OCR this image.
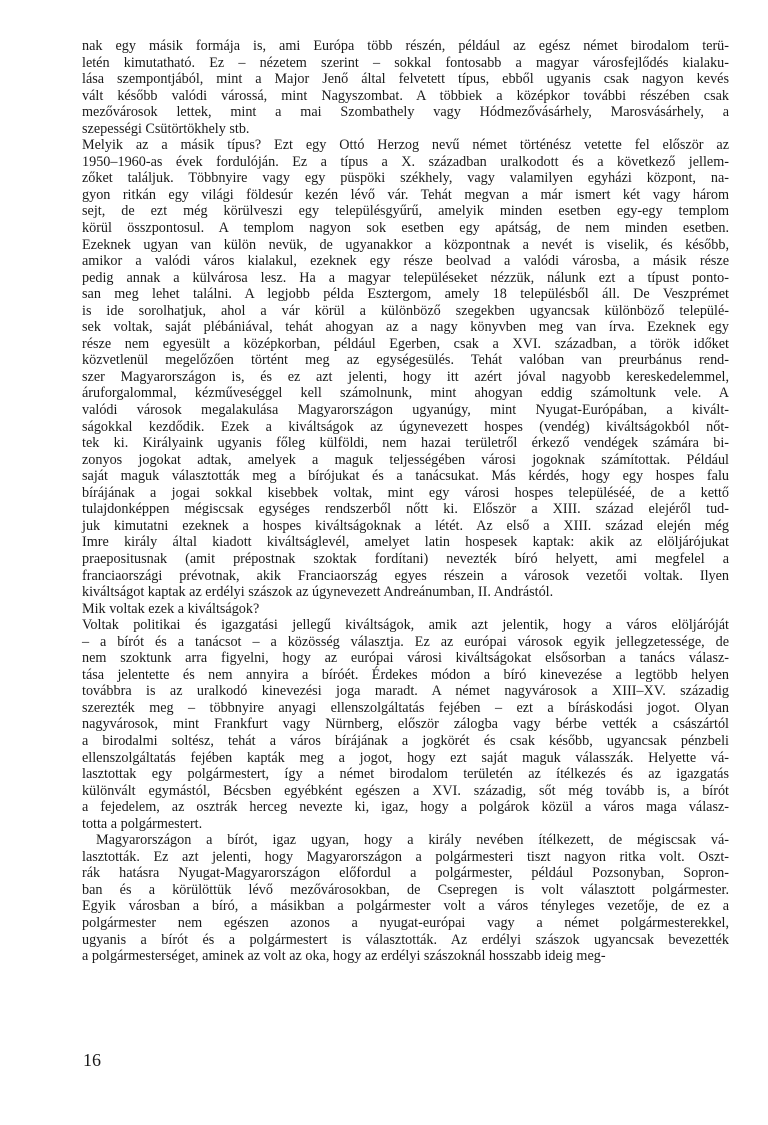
nak egy másik formája is, ami Európa több részén, például az egész német birodalom terü-
letén kimutatható. Ez – nézetem szerint – sokkal fontosabb a magyar városfejlődés kialaku-
lása szempontjából, mint a Major Jenő által felvetett típus, ebből ugyanis csak nagyon kevés
vált később valódi várossá, mint Nagyszombat. A többiek a középkor további részében csak
mezővárosok lettek, mint a mai Szombathely vagy Hódmezővásárhely, Marosvásárhely, a
szepességi Csütörtökhely stb.
Melyik az a másik típus? Ezt egy Ottó Herzog nevű német történész vetette fel először az
1950–1960-as évek fordulóján. Ez a típus a X. században uralkodott és a következő jellem-
zőket találjuk. Többnyire vagy egy püspöki székhely, vagy valamilyen egyházi központ, na-
gyon ritkán egy világi földesúr kezén lévő vár. Tehát megvan a már ismert két vagy három
sejt, de ezt még körülveszi egy településgyűrű, amelyik minden esetben egy-egy templom
körül összpontosul. A templom nagyon sok esetben egy apátság, de nem minden esetben.
Ezeknek ugyan van külön nevük, de ugyanakkor a központnak a nevét is viselik, és később,
amikor a valódi város kialakul, ezeknek egy része beolvad a valódi városba, a másik része
pedig annak a külvárosa lesz. Ha a magyar településeket nézzük, nálunk ezt a típust ponto-
san meg lehet találni. A legjobb példa Esztergom, amely 18 településből áll. De Veszprémet
is ide sorolhatjuk, ahol a vár körül a különböző szegekben ugyancsak különböző települé-
sek voltak, saját plébániával, tehát ahogyan az a nagy könyvben meg van írva. Ezeknek egy
része nem egyesült a középkorban, például Egerben, csak a XVI. században, a török időket
közvetlenül megelőzően történt meg az egységesülés. Tehát valóban van preurbánus rend-
szer Magyarországon is, és ez azt jelenti, hogy itt azért jóval nagyobb kereskedelemmel,
áruforgalommal, kézműveséggel kell számolnunk, mint ahogyan eddig számoltunk vele. A
valódi városok megalakulása Magyarországon ugyanúgy, mint Nyugat-Európában, a kivált-
ságokkal kezdődik. Ezek a kiváltságok az úgynevezett hospes (vendég) kiváltságokból nőt-
tek ki. Királyaink ugyanis főleg külföldi, nem hazai területről érkező vendégek számára bi-
zonyos jogokat adtak, amelyek a maguk teljességében városi jogoknak számítottak. Például
saját maguk választották meg a bírójukat és a tanácsukat. Más kérdés, hogy egy hospes falu
bírájának a jogai sokkal kisebbek voltak, mint egy városi hospes településéé, de a kettő
tulajdonképpen mégiscsak egységes rendszerből nőtt ki. Először a XIII. század elejéről tud-
juk kimutatni ezeknek a hospes kiváltságoknak a létét. Az első a XIII. század elején még
Imre király által kiadott kiváltságlevél, amelyet latin hospesek kaptak: akik az elöljárójukat
praepositusnak (amit prépostnak szoktak fordítani) nevezték bíró helyett, ami megfelel a
franciaországi prévotnak, akik Franciaország egyes részein a városok vezetői voltak. Ilyen
kiváltságot kaptak az erdélyi szászok az úgynevezett Andreánumban, II. Andrástól.
Mik voltak ezek a kiváltságok?
Voltak politikai és igazgatási jellegű kiváltságok, amik azt jelentik, hogy a város elöljáróját
– a bírót és a tanácsot – a közösség választja. Ez az európai városok egyik jellegzetessége, de
nem szoktunk arra figyelni, hogy az európai városi kiváltságokat elsősorban a tanács válasz-
tása jelentette és nem annyira a bíróét. Érdekes módon a bíró kinevezése a legtöbb helyen
továbbra is az uralkodó kinevezési joga maradt. A német nagyvárosok a XIII–XV. századig
szerezték meg – többnyire anyagi ellenszolgáltatás fejében – ezt a bíráskodási jogot. Olyan
nagyvárosok, mint Frankfurt vagy Nürnberg, először zálogba vagy bérbe vették a császártól
a birodalmi soltész, tehát a város bírájának a jogkörét és csak később, ugyancsak pénzbeli
ellenszolgáltatás fejében kapták meg a jogot, hogy ezt saját maguk válasszák. Helyette vá-
lasztottak egy polgármestert, így a német birodalom területén az ítélkezés és az igazgatás
különvált egymástól, Bécsben egyébként egészen a XVI. századig, sőt még tovább is, a bírót
a fejedelem, az osztrák herceg nevezte ki, igaz, hogy a polgárok közül a város maga válasz-
totta a polgármestert.
Magyarországon a bírót, igaz ugyan, hogy a király nevében ítélkezett, de mégiscsak vá-
lasztották. Ez azt jelenti, hogy Magyarországon a polgármesteri tiszt nagyon ritka volt. Oszt-
rák hatásra Nyugat-Magyarországon előfordul a polgármester, például Pozsonyban, Sopron-
ban és a körülöttük lévő mezővárosokban, de Csepregen is volt választott polgármester.
Egyik városban a bíró, a másikban a polgármester volt a város tényleges vezetője, de ez a
polgármester nem egészen azonos a nyugat-európai vagy a német polgármesterekkel,
ugyanis a bírót és a polgármestert is választották. Az erdélyi szászok ugyancsak bevezették
a polgármesterséget, aminek az volt az oka, hogy az erdélyi szászoknál hosszabb ideig meg-
16
